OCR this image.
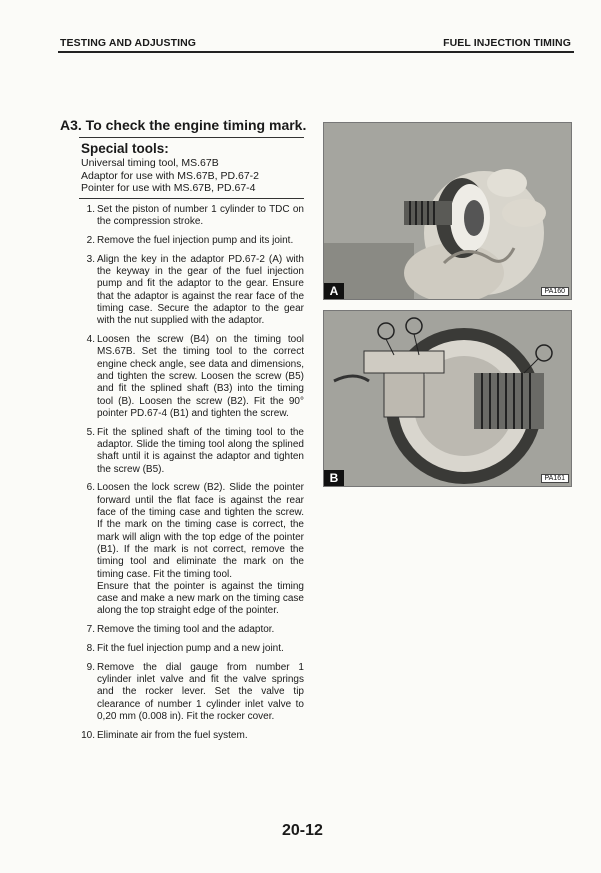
TESTING AND ADJUSTING	FUEL INJECTION TIMING
A3. To check the engine timing mark.
Special tools:
Universal timing tool, MS.67B
Adaptor for use with MS.67B, PD.67-2
Pointer for use with MS.67B, PD.67-4
1. Set the piston of number 1 cylinder to TDC on the compression stroke.
2. Remove the fuel injection pump and its joint.
3. Align the key in the adaptor PD.67-2 (A) with the keyway in the gear of the fuel injection pump and fit the adaptor to the gear. Ensure that the adaptor is against the rear face of the timing case. Secure the adaptor to the gear with the nut supplied with the adaptor.
4. Loosen the screw (B4) on the timing tool MS.67B. Set the timing tool to the correct engine check angle, see data and dimensions, and tighten the screw. Loosen the screw (B5) and fit the splined shaft (B3) into the timing tool (B). Loosen the screw (B2). Fit the 90° pointer PD.67-4 (B1) and tighten the screw.
5. Fit the splined shaft of the timing tool to the adaptor. Slide the timing tool along the splined shaft until it is against the adaptor and tighten the screw (B5).
6. Loosen the lock screw (B2). Slide the pointer forward until the flat face is against the rear face of the timing case and tighten the screw. If the mark on the timing case is correct, the mark will align with the top edge of the pointer (B1). If the mark is not correct, remove the timing tool and eliminate the mark on the timing case. Fit the timing tool.
Ensure that the pointer is against the timing case and make a new mark on the timing case along the top straight edge of the pointer.
7. Remove the timing tool and the adaptor.
8. Fit the fuel injection pump and a new joint.
9. Remove the dial gauge from number 1 cylinder inlet valve and fit the valve springs and the rocker lever. Set the valve tip clearance of number 1 cylinder inlet valve to 0,20 mm (0.008 in). Fit the rocker cover.
10. Eliminate air from the fuel system.
A	PA160
B	PA161
20-12
